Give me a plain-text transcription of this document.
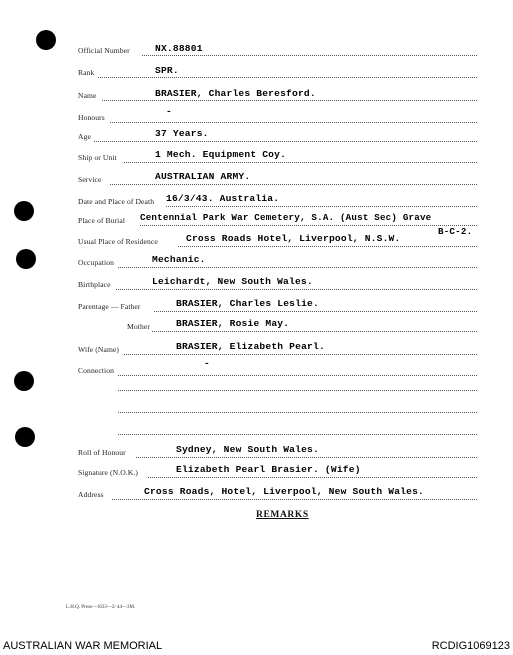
Official Number	NX.88801
Rank	SPR.
Name	BRASIER, Charles Beresford.
Honours
-
Age	37 Years.
Ship or Unit	1 Mech. Equipment Coy.
Service	AUSTRALIAN ARMY.
Date and Place of Death 16/3/43. Australia.
Place of Burial Centennial Park War Cemetery, S.A. (Aust Sec) Grave
B-C-2.
Usual Place of Residence	Cross Roads Hotel, Liverpool, N.S.W.
Occupation	Mechanic.
Birthplace	Leichardt, New South Wales.
Parentage — Father	BRASIER, Charles Leslie.
Mother	BRASIER, Rosie May.
Wife (Name)	BRASIER, Elizabeth Pearl.
Connection
-
Roll of Honour	Sydney, New South Wales.
Signature (N.O.K.)	Elizabeth Pearl Brasier. (Wife)
Address	Cross Roads, Hotel, Liverpool, New South Wales.
REMARKS
L.H.Q. Press—1633—2/ 44—3M.
AUSTRALIAN WAR MEMORIAL	RCDIG1069123
